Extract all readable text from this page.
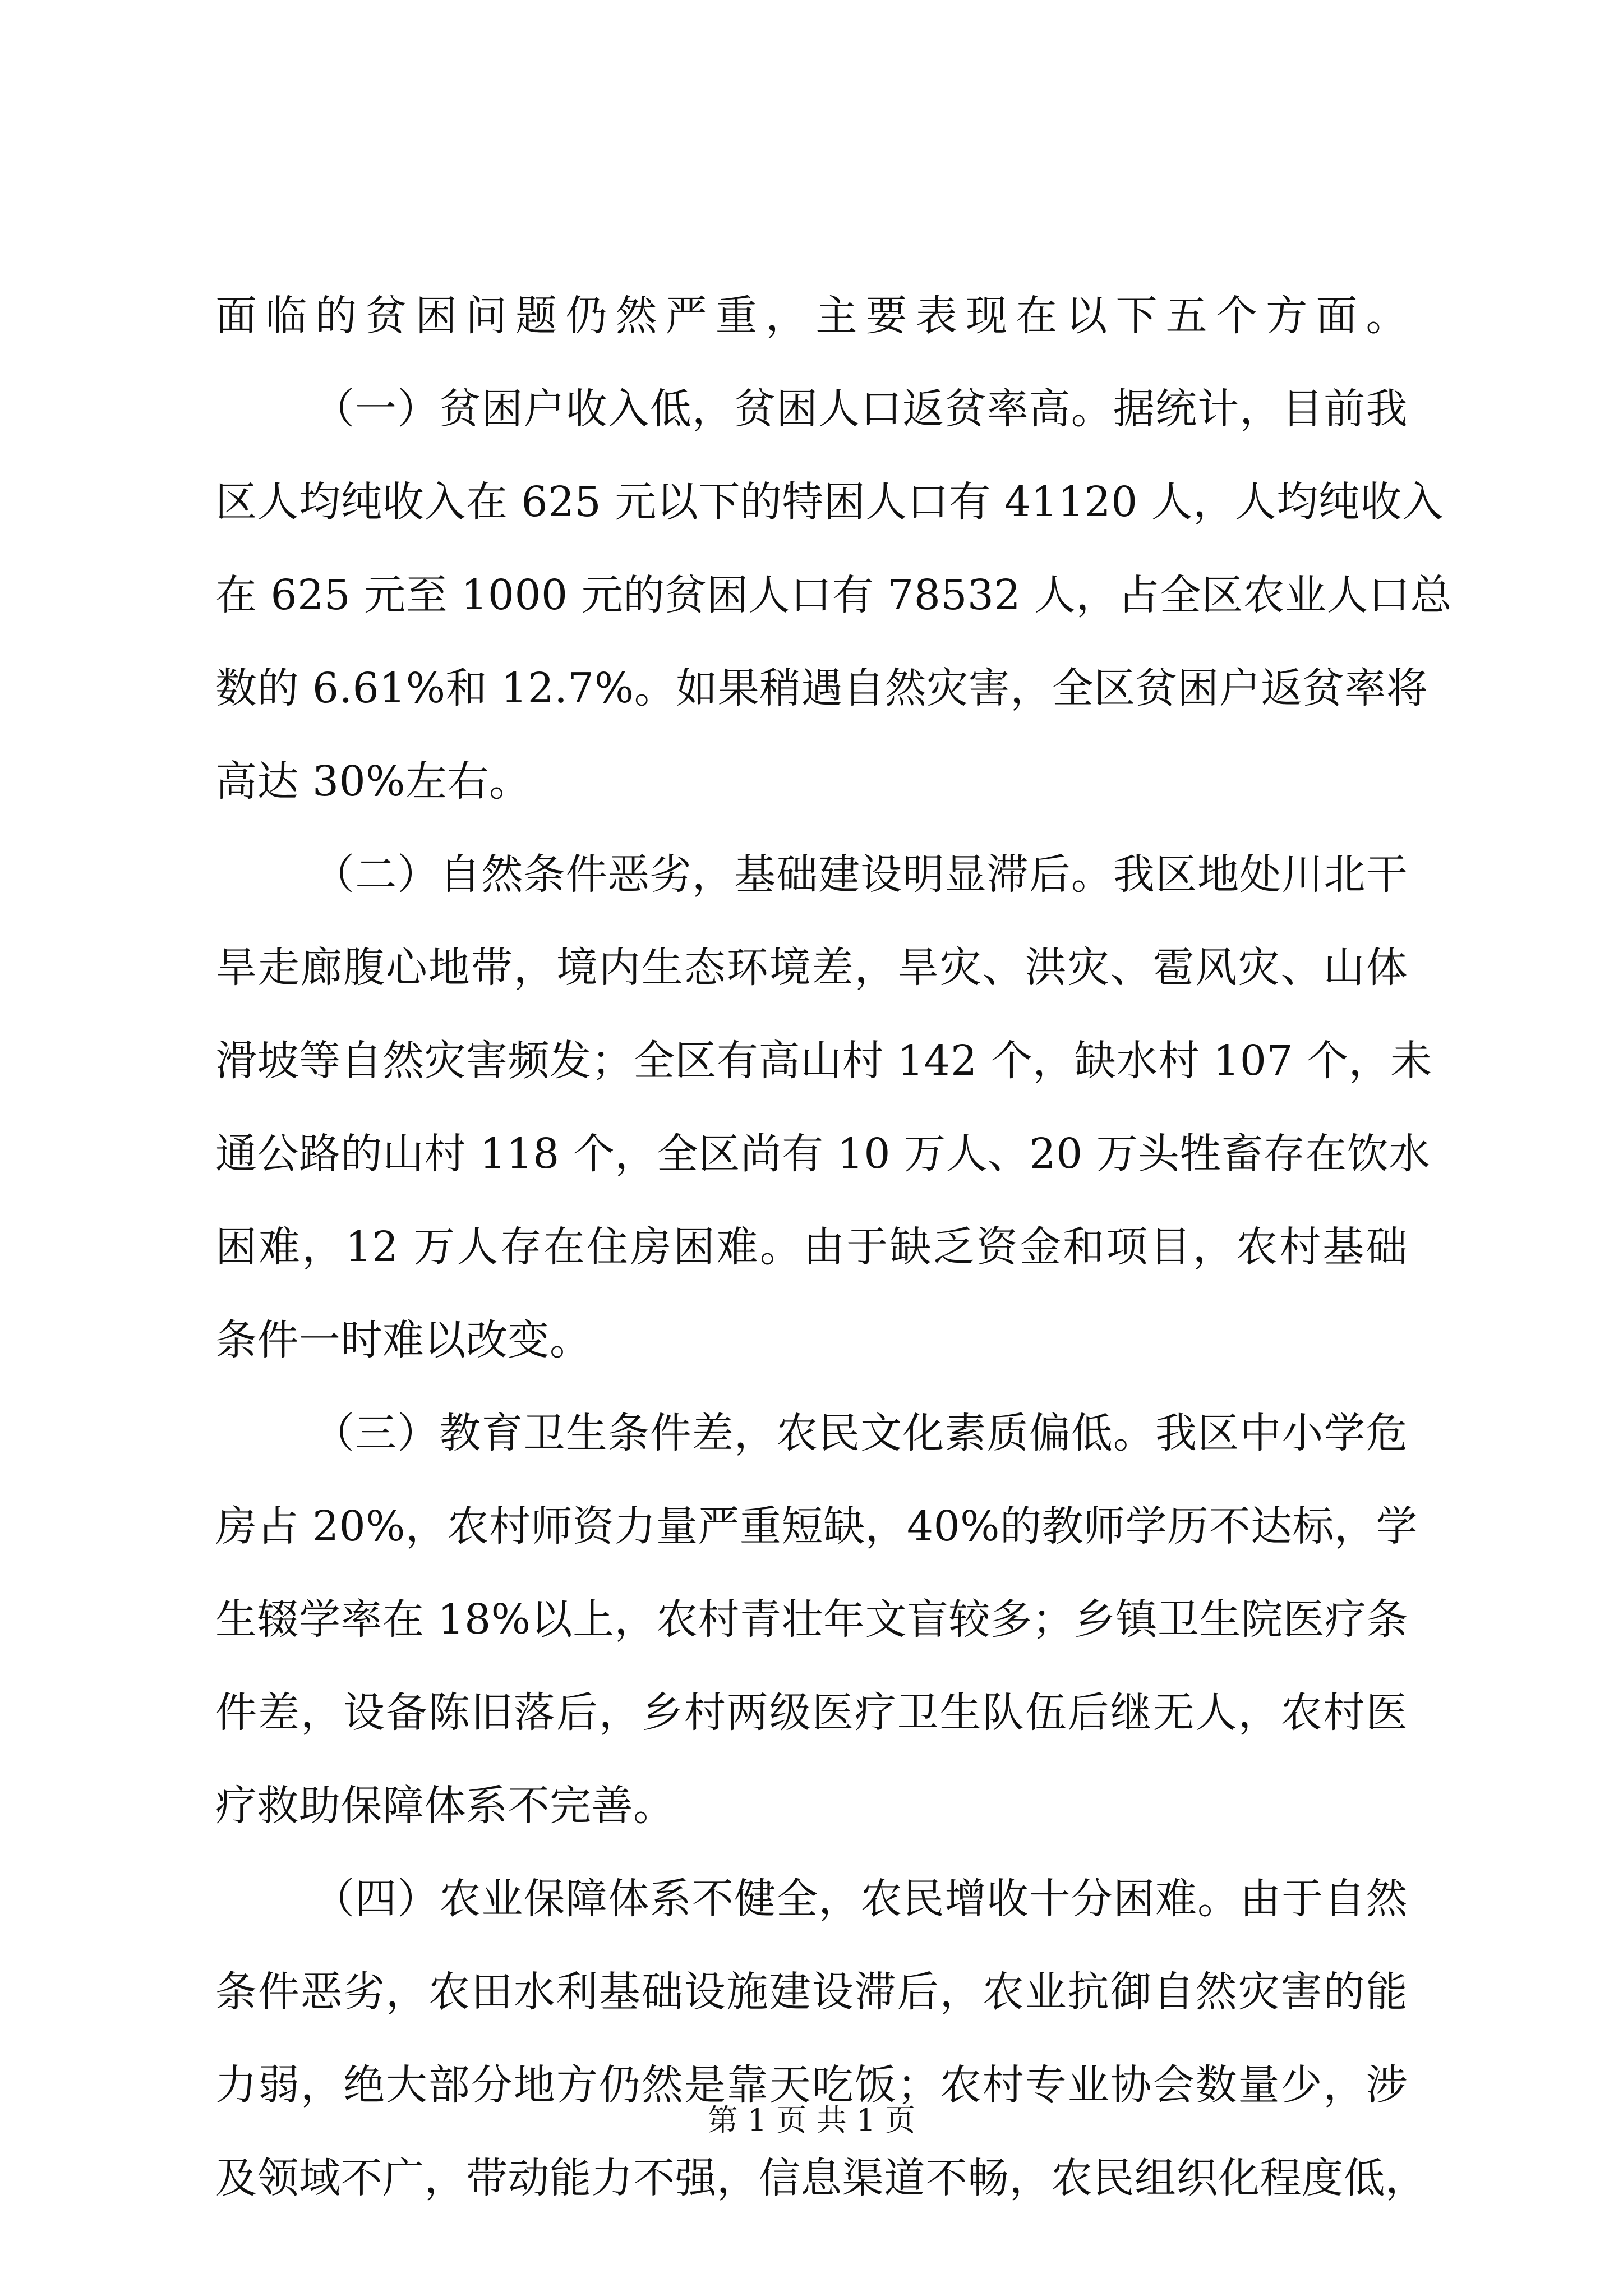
面临的贫困问题仍然严重，主要表现在以下五个方面。
（一）贫困户收入低，贫困人口返贫率高。据统计，目前我
区人均纯收入在 625 元以下的特困人口有 41120 人，人均纯收入
在 625 元至 1000 元的贫困人口有 78532 人，占全区农业人口总
数的 6.61%和 12.7%。如果稍遇自然灾害，全区贫困户返贫率将
高达 30%左右。
（二）自然条件恶劣，基础建设明显滞后。我区地处川北干
旱走廊腹心地带，境内生态环境差，旱灾、洪灾、雹风灾、山体
滑坡等自然灾害频发；全区有高山村 142 个，缺水村 107 个，未
通公路的山村 118 个，全区尚有 10 万人、20 万头牲畜存在饮水
困难，12 万人存在住房困难。由于缺乏资金和项目，农村基础
条件一时难以改变。
（三）教育卫生条件差，农民文化素质偏低。我区中小学危
房占 20%，农村师资力量严重短缺，40%的教师学历不达标，学
生辍学率在 18%以上，农村青壮年文盲较多；乡镇卫生院医疗条
件差，设备陈旧落后，乡村两级医疗卫生队伍后继无人，农村医
疗救助保障体系不完善。
（四）农业保障体系不健全，农民增收十分困难。由于自然
条件恶劣，农田水利基础设施建设滞后，农业抗御自然灾害的能
力弱，绝大部分地方仍然是靠天吃饭；农村专业协会数量少，涉
及领域不广，带动能力不强，信息渠道不畅，农民组织化程度低，
第 1 页 共 1 页
